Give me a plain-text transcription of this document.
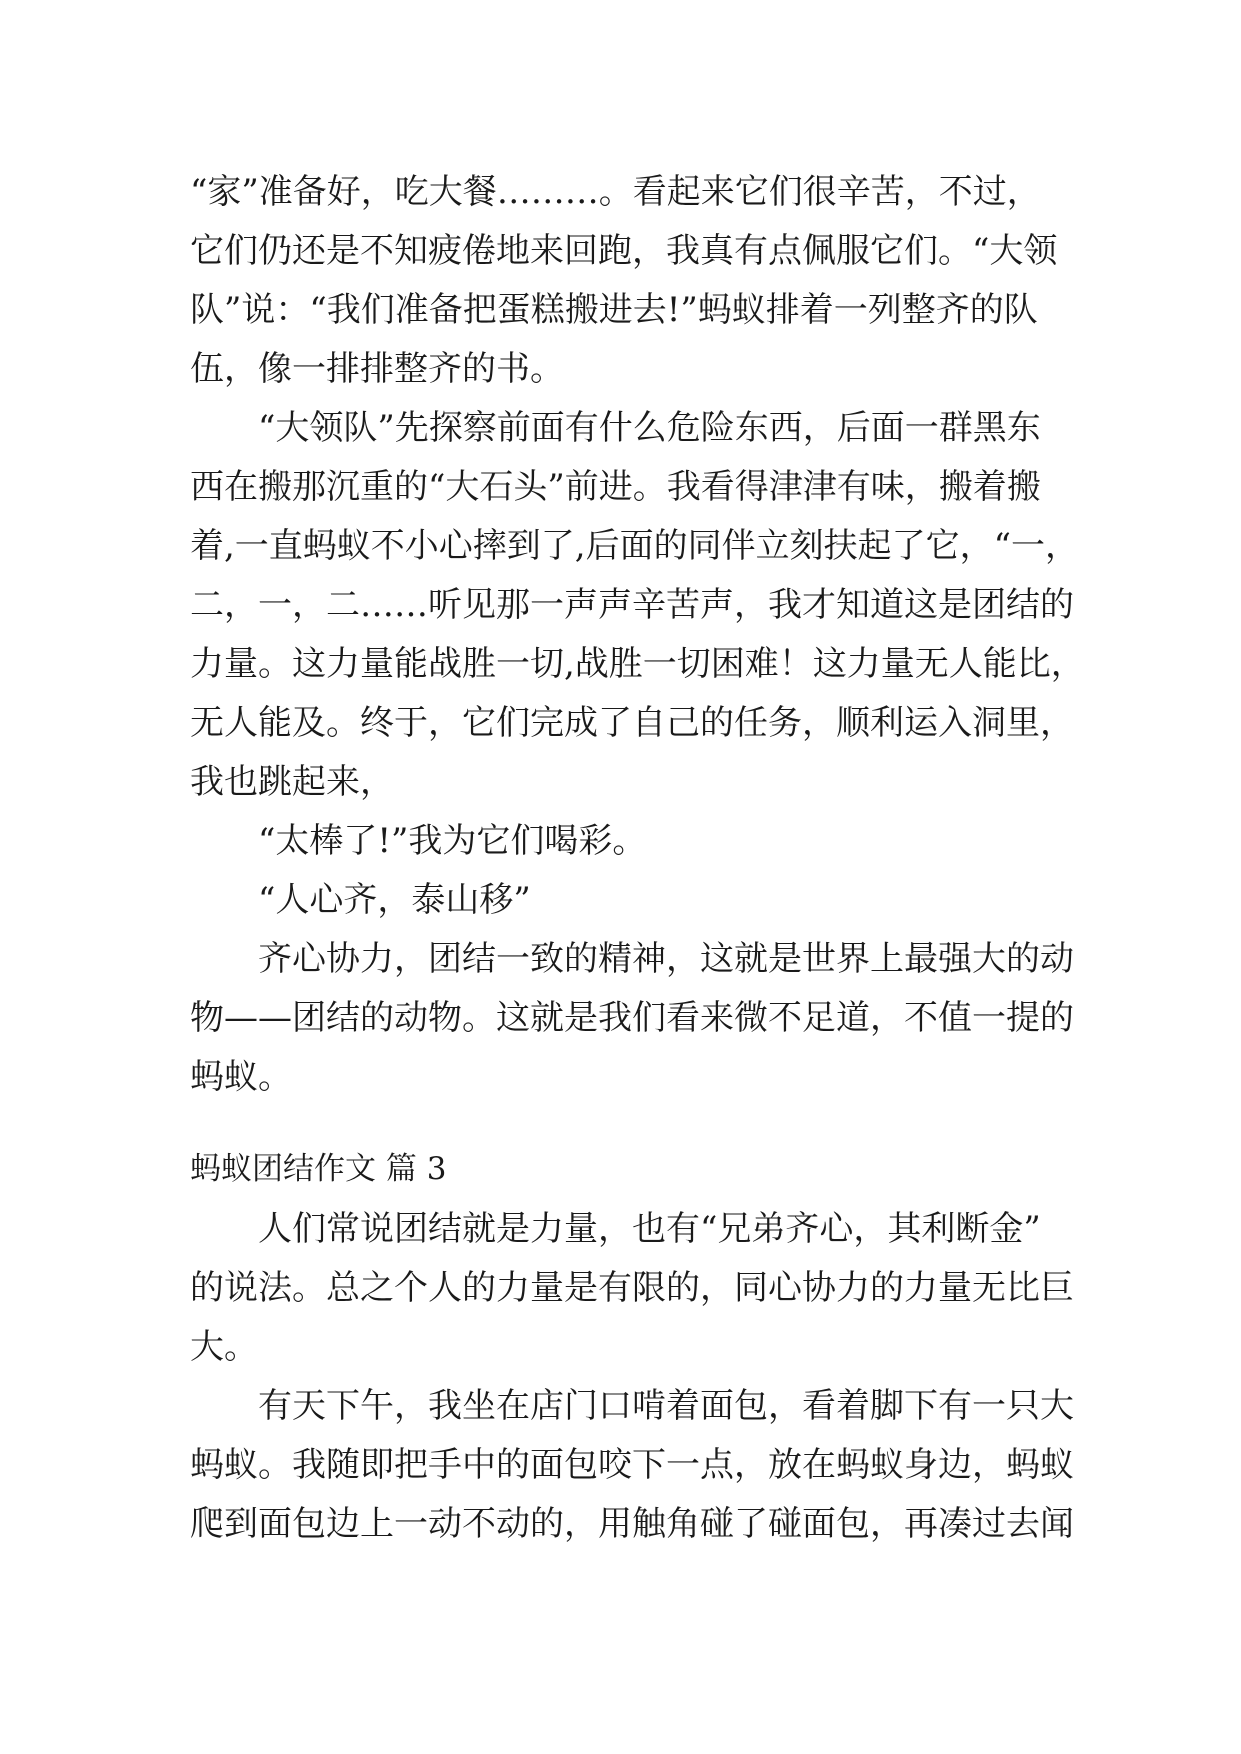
“家”准备好，吃大餐………。看起来它们很辛苦，不过，
它们仍还是不知疲倦地来回跑，我真有点佩服它们。“大领
队”说：“我们准备把蛋糕搬进去!”蚂蚁排着一列整齐的队
伍，像一排排整齐的书。
“大领队”先探察前面有什么危险东西，后面一群黑东
西在搬那沉重的“大石头”前进。我看得津津有味，搬着搬
着,一直蚂蚁不小心摔到了,后面的同伴立刻扶起了它，“一，
二，一，二……听见那一声声辛苦声，我才知道这是团结的
力量。这力量能战胜一切,战胜一切困难！这力量无人能比，
无人能及。终于，它们完成了自己的任务，顺利运入洞里，
我也跳起来，
“太棒了!”我为它们喝彩。
“人心齐，泰山移”
齐心协力，团结一致的精神，这就是世界上最强大的动
物——团结的动物。这就是我们看来微不足道，不值一提的
蚂蚁。
蚂蚁团结作文 篇 3
人们常说团结就是力量，也有“兄弟齐心，其利断金”
的说法。总之个人的力量是有限的，同心协力的力量无比巨
大。
有天下午，我坐在店门口啃着面包，看着脚下有一只大
蚂蚁。我随即把手中的面包咬下一点，放在蚂蚁身边，蚂蚁
爬到面包边上一动不动的，用触角碰了碰面包，再凑过去闻
